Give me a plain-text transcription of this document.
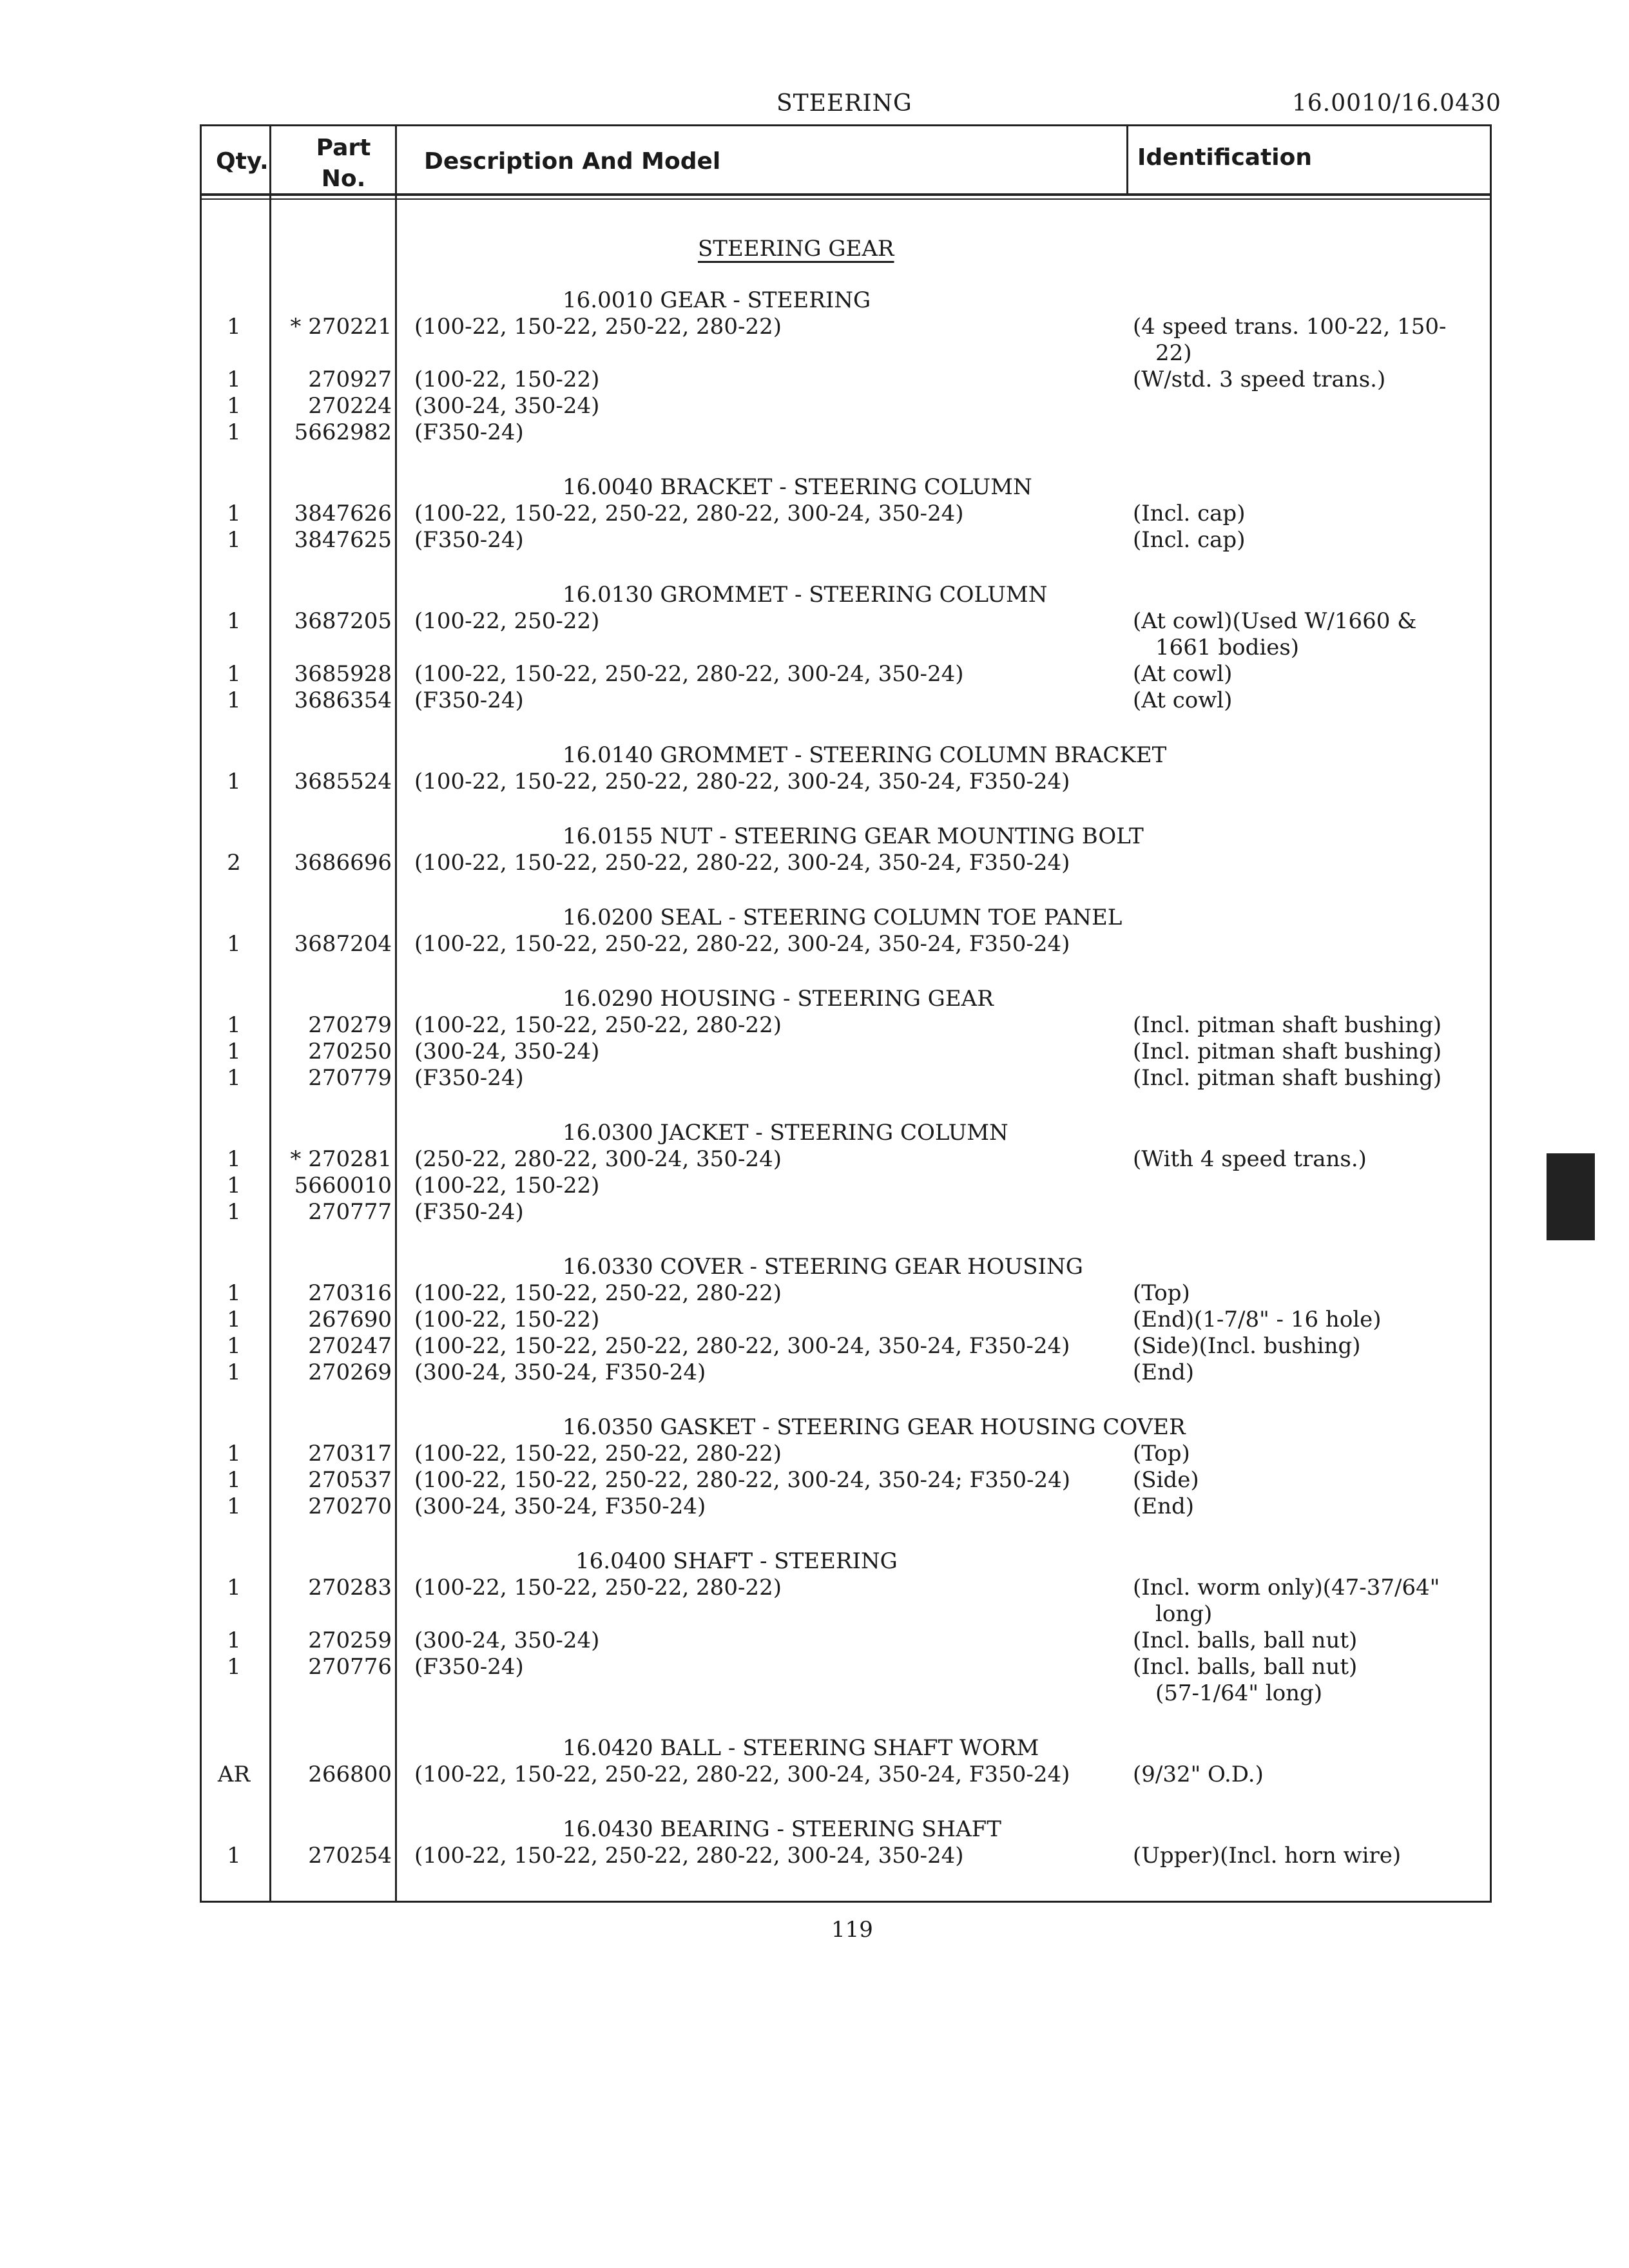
STEERING	16.0010/16.0430
Qty.
Part No.
Description And Model	Identification
STEERING GEAR
16.0010 GEAR - STEERING
1	* 270221 (100-22, 150-22, 250-22, 280-22)	(4 speed trans. 100-22, 150-
22)
1	270927 (100-22, 150-22)	(W/std. 3 speed trans.)
1	270224 (300-24, 350-24)
1	5662982 (F350-24)
16.0040 BRACKET - STEERING COLUMN
1	3847626 (100-22, 150-22, 250-22, 280-22, 300-24, 350-24)	(Incl. cap)
1	3847625 (F350-24)	(Incl. cap)
16.0130 GROMMET - STEERING COLUMN
1	3687205 (100-22, 250-22)	(At cowl)(Used W/1660 &
1661 bodies)
1	3685928 (100-22, 150-22, 250-22, 280-22, 300-24, 350-24)	(At cowl)
1	3686354 (F350-24)	(At cowl)
16.0140 GROMMET - STEERING COLUMN BRACKET
1	3685524 (100-22, 150-22, 250-22, 280-22, 300-24, 350-24, F350-24)
16.0155 NUT - STEERING GEAR MOUNTING BOLT
2	3686696 (100-22, 150-22, 250-22, 280-22, 300-24, 350-24, F350-24)
16.0200 SEAL - STEERING COLUMN TOE PANEL
1	3687204 (100-22, 150-22, 250-22, 280-22, 300-24, 350-24, F350-24)
16.0290 HOUSING - STEERING GEAR
1	270279 (100-22, 150-22, 250-22, 280-22)	(Incl. pitman shaft bushing)
1	270250 (300-24, 350-24)	(Incl. pitman shaft bushing)
1	270779 (F350-24)	(Incl. pitman shaft bushing)
16.0300 JACKET - STEERING COLUMN
1	* 270281 (250-22, 280-22, 300-24, 350-24)	(With 4 speed trans.)
1	5660010 (100-22, 150-22)
1	270777 (F350-24)
16.0330 COVER - STEERING GEAR HOUSING
1	270316 (100-22, 150-22, 250-22, 280-22)	(Top)
1	267690 (100-22, 150-22)	(End)(1-7/8" - 16 hole)
1	270247 (100-22, 150-22, 250-22, 280-22, 300-24, 350-24, F350-24)	(Side)(Incl. bushing)
1	270269 (300-24, 350-24, F350-24)	(End)
16.0350 GASKET - STEERING GEAR HOUSING COVER
1	270317 (100-22, 150-22, 250-22, 280-22)	(Top)
1	270537 (100-22, 150-22, 250-22, 280-22, 300-24, 350-24; F350-24)	(Side)
1	270270 (300-24, 350-24, F350-24)	(End)
16.0400 SHAFT - STEERING
1	270283 (100-22, 150-22, 250-22, 280-22)	(Incl. worm only)(47-37/64"
long)
1	270259 (300-24, 350-24)	(Incl. balls, ball nut)
1	270776 (F350-24)	(Incl. balls, ball nut)
(57-1/64" long)
16.0420 BALL - STEERING SHAFT WORM
AR	266800 (100-22, 150-22, 250-22, 280-22, 300-24, 350-24, F350-24)	(9/32" O.D.)
16.0430 BEARING - STEERING SHAFT
1	270254 (100-22, 150-22, 250-22, 280-22, 300-24, 350-24)	(Upper)(Incl. horn wire)
119
